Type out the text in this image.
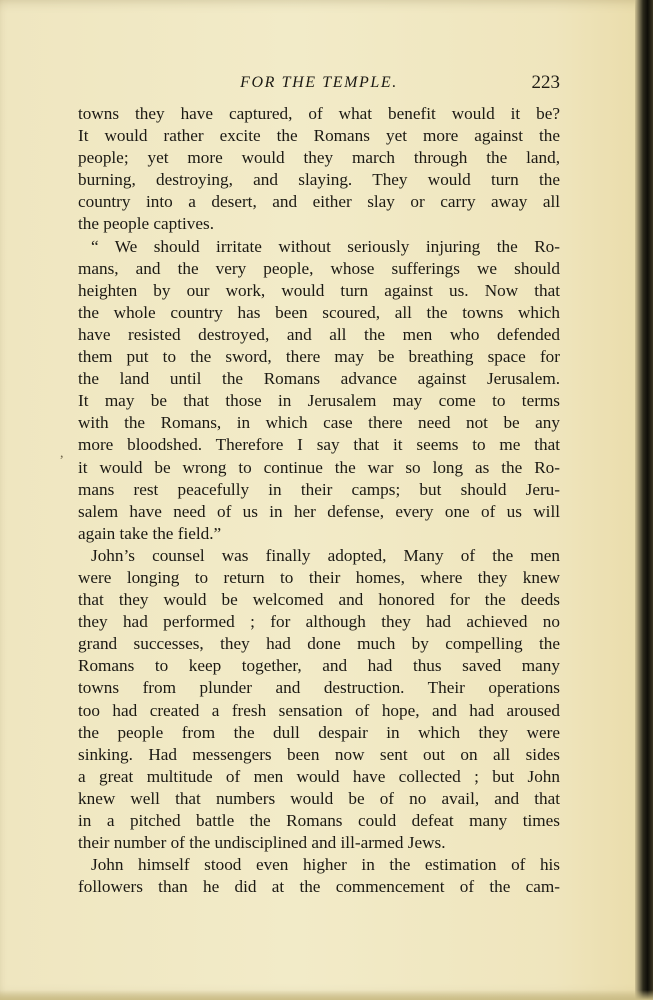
FOR THE TEMPLE.	223
,
towns they have captured, of what benefit would it be?
It would rather excite the Romans yet more against the
people; yet more would they march through the land,
burning, destroying, and slaying. They would turn the
country into a desert, and either slay or carry away all
the people captives.
“ We should irritate without seriously injuring the Ro-
mans, and the very people, whose sufferings we should
heighten by our work, would turn against us. Now that
the whole country has been scoured, all the towns which
have resisted destroyed, and all the men who defended
them put to the sword, there may be breathing space for
the land until the Romans advance against Jerusalem.
It may be that those in Jerusalem may come to terms
with the Romans, in which case there need not be any
more bloodshed. Therefore I say that it seems to me that
it would be wrong to continue the war so long as the Ro-
mans rest peacefully in their camps; but should Jeru-
salem have need of us in her defense, every one of us will
again take the field.”
John’s counsel was finally adopted, Many of the men
were longing to return to their homes, where they knew
that they would be welcomed and honored for the deeds
they had performed ; for although they had achieved no
grand successes, they had done much by compelling the
Romans to keep together, and had thus saved many
towns from plunder and destruction. Their operations
too had created a fresh sensation of hope, and had aroused
the people from the dull despair in which they were
sinking. Had messengers been now sent out on all sides
a great multitude of men would have collected ; but John
knew well that numbers would be of no avail, and that
in a pitched battle the Romans could defeat many times
their number of the undisciplined and ill-armed Jews.
John himself stood even higher in the estimation of his
followers than he did at the commencement of the cam-
